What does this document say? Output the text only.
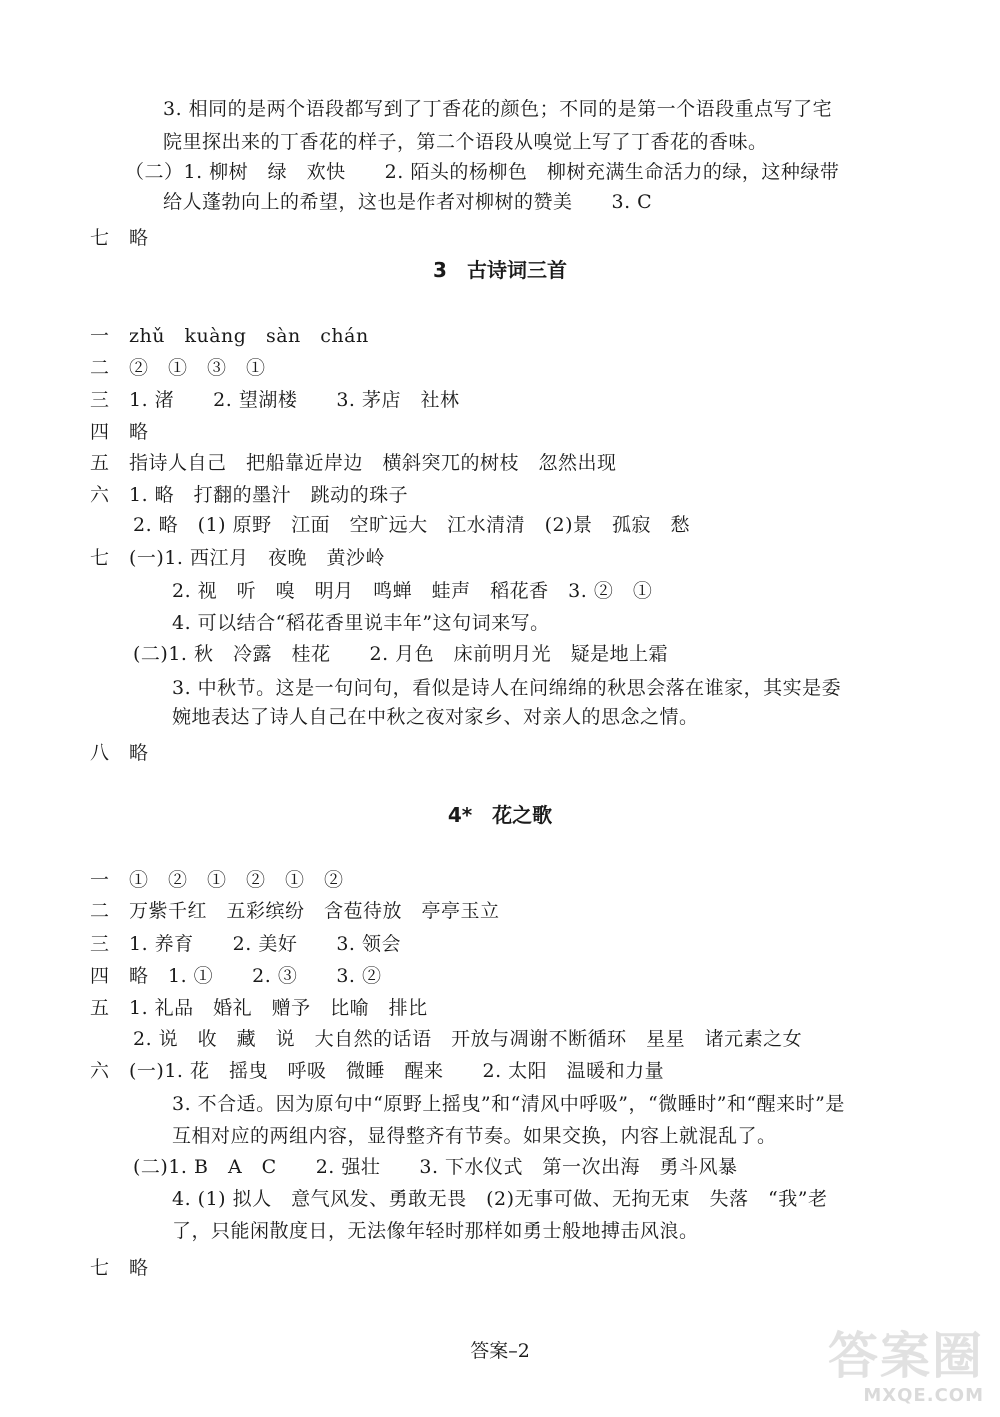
3. 相同的是两个语段都写到了丁香花的颜色；不同的是第一个语段重点写了宅
院里探出来的丁香花的样子，第二个语段从嗅觉上写了丁香花的香味。
（二）1. 柳树　绿　欢快　　2. 陌头的杨柳色　柳树充满生命活力的绿，这种绿带
给人蓬勃向上的希望，这也是作者对柳树的赞美　　3. C
七　略
3　古诗词三首
一　zhǔ　kuàng　sàn　chán
二　②　①　③　①
三　1. 渚　　2. 望湖楼　　3. 茅店　社林
四　略
五　指诗人自己　把船靠近岸边　横斜突兀的树枝　忽然出现
六　1. 略　打翻的墨汁　跳动的珠子
2. 略　(1) 原野　江面　空旷远大　江水清清　(2)景　孤寂　愁
七　(一)1. 西江月　夜晚　黄沙岭
2. 视　听　嗅　明月　鸣蝉　蛙声　稻花香　3. ②　①
4. 可以结合“稻花香里说丰年”这句词来写。
(二)1. 秋　冷露　桂花　　2. 月色　床前明月光　疑是地上霜
3. 中秋节。这是一句问句，看似是诗人在问绵绵的秋思会落在谁家，其实是委
婉地表达了诗人自己在中秋之夜对家乡、对亲人的思念之情。
八　略
4*　花之歌
一　①　②　①　②　①　②
二　万紫千红　五彩缤纷　含苞待放　亭亭玉立
三　1. 养育　　2. 美好　　3. 领会
四　略　1. ①　　2. ③　　3. ②
五　1. 礼品　婚礼　赠予　比喻　排比
2. 说　收　藏　说　大自然的话语　开放与凋谢不断循环　星星　诸元素之女
六　(一)1. 花　摇曳　呼吸　微睡　醒来　　2. 太阳　温暖和力量
3. 不合适。因为原句中“原野上摇曳”和“清风中呼吸”，“微睡时”和“醒来时”是
互相对应的两组内容，显得整齐有节奏。如果交换，内容上就混乱了。
(二)1. B　A　C　　2. 强壮　　3. 下水仪式　第一次出海　勇斗风暴
4. (1) 拟人　意气风发、勇敢无畏　(2)无事可做、无拘无束　失落　“我”老
了，只能闲散度日，无法像年轻时那样如勇士般地搏击风浪。
七　略
答案–2	答案圈
MXQE.COM
